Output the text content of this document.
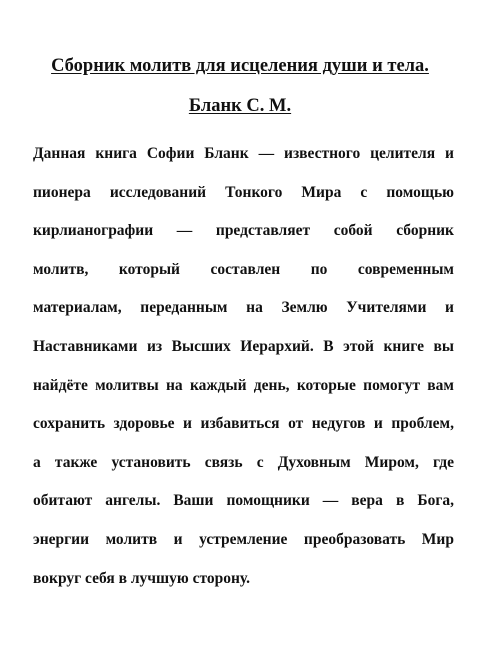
Сборник молитв для исцеления души и тела.
Бланк С. М.
Данная книга Софии Бланк — известного целителя и
пионера исследований Тонкого Мира с помощью
кирлианографии — представляет собой сборник
молитв, который составлен по современным
материалам, переданным на Землю Учителями и
Наставниками из Высших Иерархий. В этой книге вы
найдёте молитвы на каждый день, которые помогут вам
сохранить здоровье и избавиться от недугов и проблем,
а также установить связь с Духовным Миром, где
обитают ангелы. Ваши помощники — вера в Бога,
энергии молитв и устремление преобразовать Мир
вокруг себя в лучшую сторону.
